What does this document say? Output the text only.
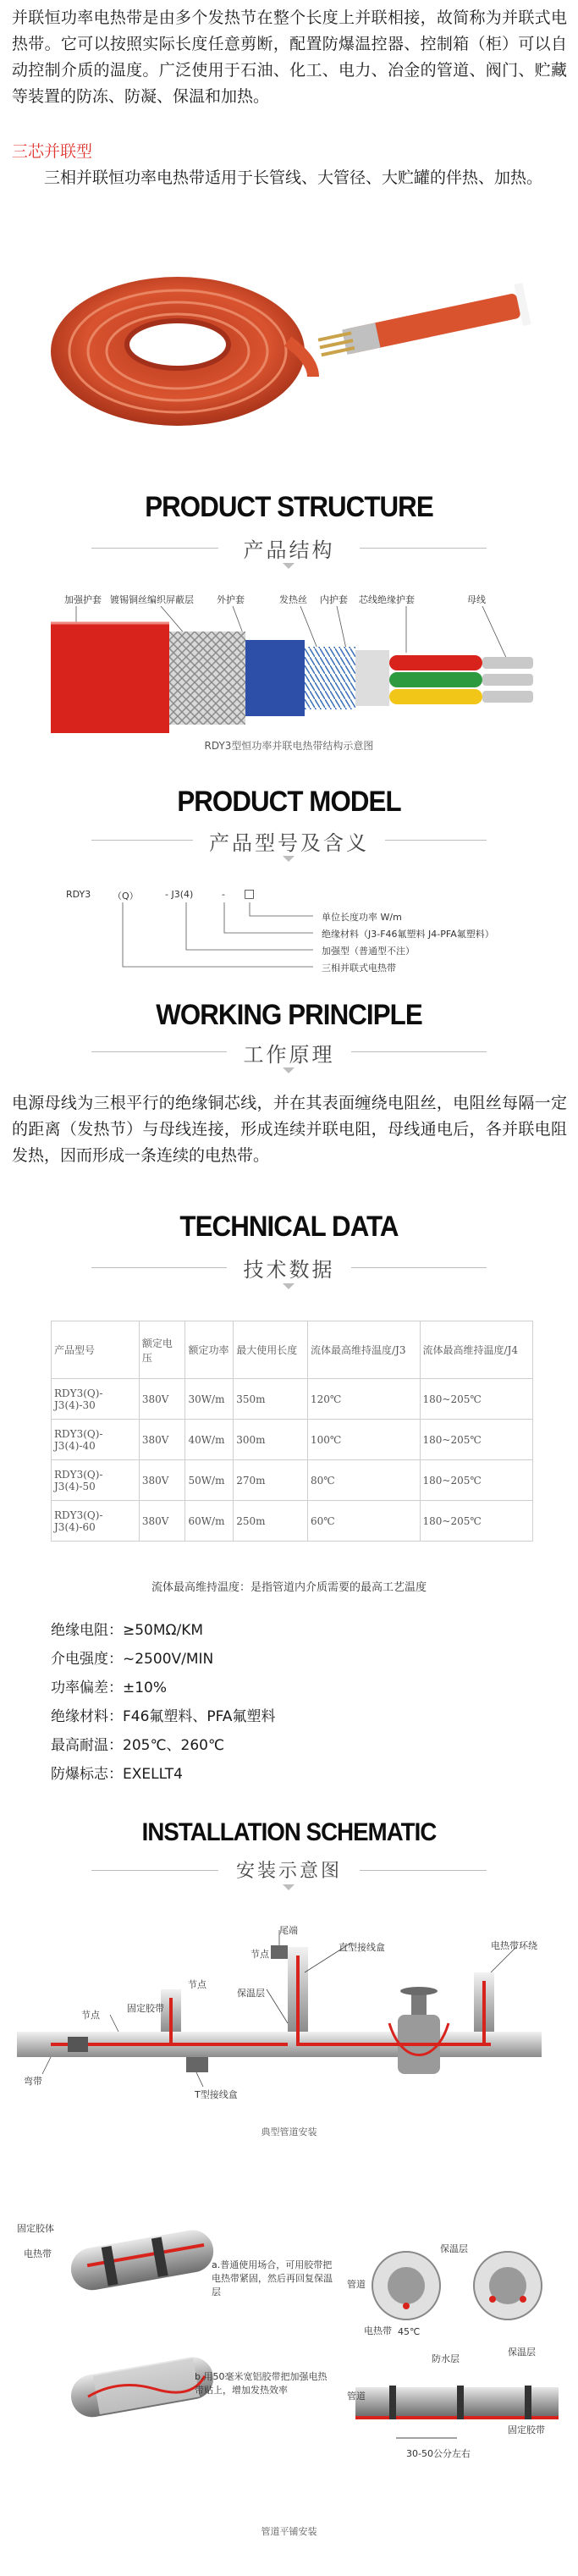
并联恒功率电热带是由多个发热节在整个长度上并联相接，故简称为并联式电热带。它可以按照实际长度任意剪断，配置防爆温控器、控制箱（柜）可以自动控制介质的温度。广泛使用于石油、化工、电力、冶金的管道、阀门、贮藏等装置的防冻、防凝、保温和加热。
三芯并联型
三相并联恒功率电热带适用于长管线、大管径、大贮罐的伴热、加热。
PRODUCT STRUCTURE
产品结构
加强护套 镀锡铜丝编织屏蔽层 外护套	发热丝 内护套 芯线绝缘护套	母线
RDY3型恒功率并联电热带结构示意图
PRODUCT MODEL
产品型号及含义
RDY3 （Q）	- J3(4)	- □
单位长度功率 W/m
绝缘材料（J3-F46氟塑料 J4-PFA氟塑料）
加强型（普通型不注）
三相并联式电热带
WORKING PRINCIPLE
工作原理
电源母线为三根平行的绝缘铜芯线，并在其表面缠绕电阻丝，电阻丝每隔一定的距离（发热节）与母线连接，形成连续并联电阻，母线通电后，各并联电阻发热，因而形成一条连续的电热带。
TECHNICAL DATA
技术数据
产品型号	额定电压	额定功率	最大使用长度	流体最高维持温度/J3	流体最高维持温度/J4
RDY3(Q)-J3(4)-30	380V	30W/m	350m	120℃	180~205℃
RDY3(Q)-J3(4)-40	380V	40W/m	300m	100℃	180~205℃
RDY3(Q)-J3(4)-50	380V	50W/m	270m	80℃	180~205℃
RDY3(Q)-J3(4)-60	380V	60W/m	250m	60℃	180~205℃
流体最高维持温度：是指管道内介质需要的最高工艺温度
绝缘电阻：≥50MΩ/KM
介电强度：~2500V/MIN
功率偏差：±10%
绝缘材料：F46氟塑料、PFA氟塑料
最高耐温：205℃、260℃
防爆标志：EXELLT4
INSTALLATION SCHEMATIC
安装示意图
尾端
节点
直型接线盒	电热带环绕
节点
保温层
固定胶带
节点
弯带
T型接线盒
典型管道安装
固定胶体
电热带
a.普通使用场合，可用胶带把电热带紧固，然后再回复保温层
b.用50毫米宽铝胶带把加强电热带贴上，增加发热效率
管道
保温层
电热带
管道
防水层
保温层
30-50公分左右
固定胶带
45℃
管道平铺安装
